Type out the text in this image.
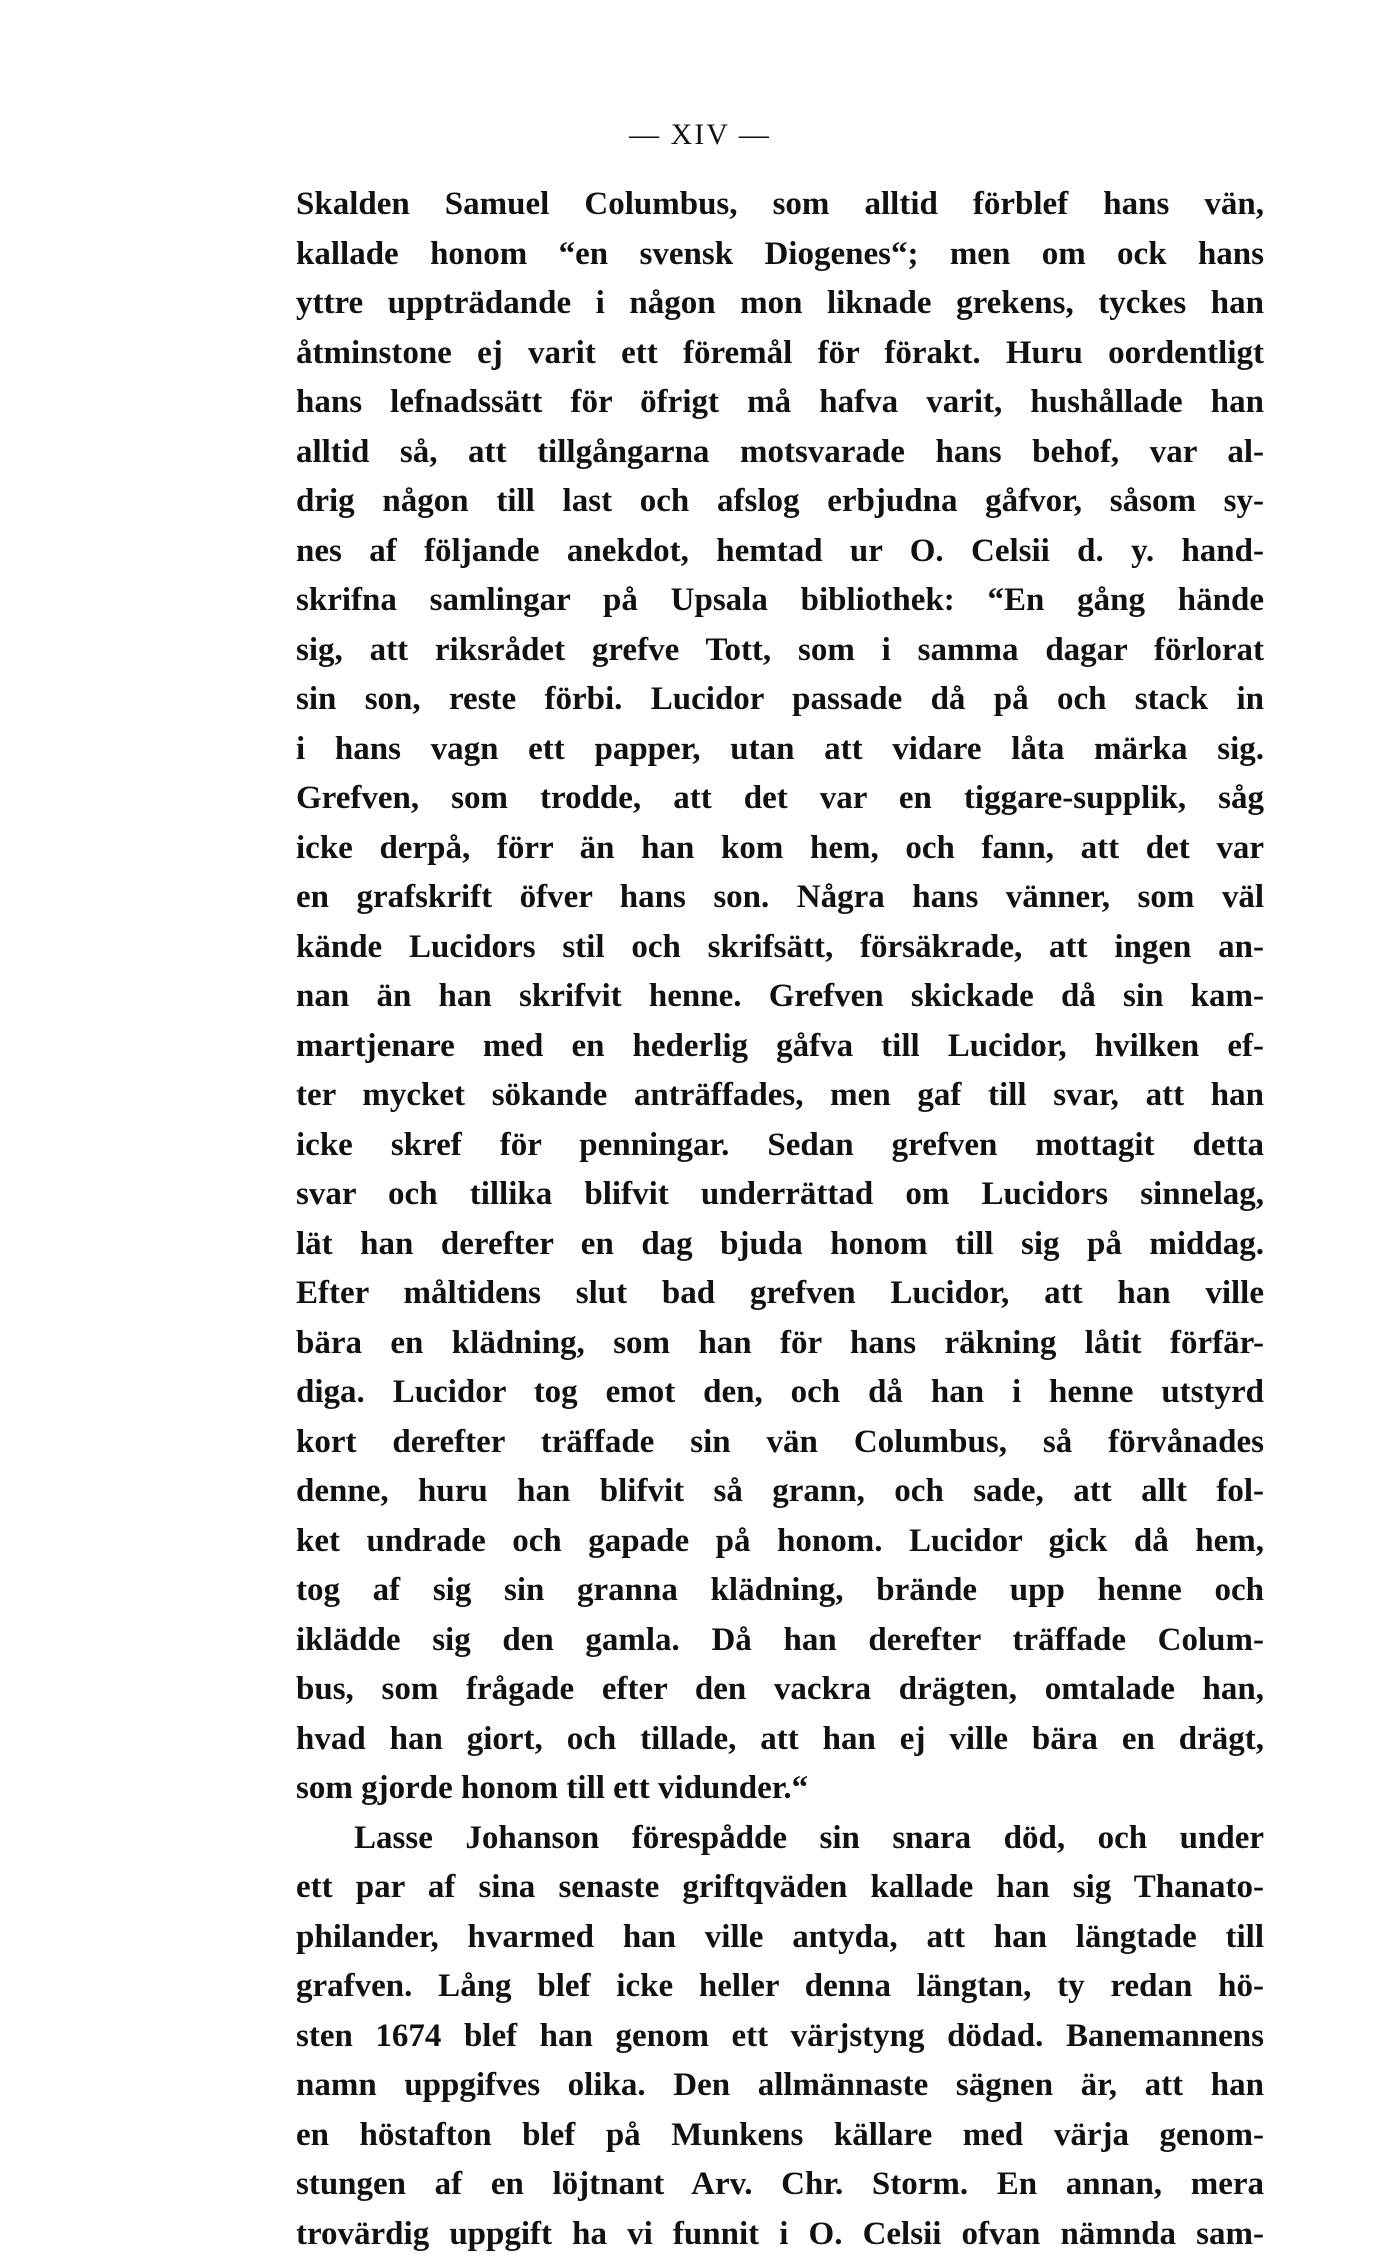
— XIV —
Skalden Samuel Columbus, som alltid förblef hans vän,
kallade honom “en svensk Diogenes“; men om ock hans
yttre uppträdande i någon mon liknade grekens, tyckes han
åtminstone ej varit ett föremål för förakt. Huru oordentligt
hans lefnadssätt för öfrigt må hafva varit, hushållade han
alltid så, att tillgångarna motsvarade hans behof, var al-
drig någon till last och afslog erbjudna gåfvor, såsom sy-
nes af följande anekdot, hemtad ur O. Celsii d. y. hand-
skrifna samlingar på Upsala bibliothek: “En gång hände
sig, att riksrådet grefve Tott, som i samma dagar förlorat
sin son, reste förbi. Lucidor passade då på och stack in
i hans vagn ett papper, utan att vidare låta märka sig.
Grefven, som trodde, att det var en tiggare-supplik, såg
icke derpå, förr än han kom hem, och fann, att det var
en grafskrift öfver hans son. Några hans vänner, som väl
kände Lucidors stil och skrifsätt, försäkrade, att ingen an-
nan än han skrifvit henne. Grefven skickade då sin kam-
martjenare med en hederlig gåfva till Lucidor, hvilken ef-
ter mycket sökande anträffades, men gaf till svar, att han
icke skref för penningar. Sedan grefven mottagit detta
svar och tillika blifvit underrättad om Lucidors sinnelag,
lät han derefter en dag bjuda honom till sig på middag.
Efter måltidens slut bad grefven Lucidor, att han ville
bära en klädning, som han för hans räkning låtit förfär-
diga. Lucidor tog emot den, och då han i henne utstyrd
kort derefter träffade sin vän Columbus, så förvånades
denne, huru han blifvit så grann, och sade, att allt fol-
ket undrade och gapade på honom. Lucidor gick då hem,
tog af sig sin granna klädning, brände upp henne och
iklädde sig den gamla. Då han derefter träffade Colum-
bus, som frågade efter den vackra drägten, omtalade han,
hvad han giort, och tillade, att han ej ville bära en drägt,
som gjorde honom till ett vidunder.“
Lasse Johanson förespådde sin snara död, och under
ett par af sina senaste griftqväden kallade han sig Thanato-
philander, hvarmed han ville antyda, att han längtade till
grafven. Lång blef icke heller denna längtan, ty redan hö-
sten 1674 blef han genom ett värjstyng dödad. Banemannens
namn uppgifves olika. Den allmännaste sägnen är, att han
en höstafton blef på Munkens källare med värja genom-
stungen af en löjtnant Arv. Chr. Storm. En annan, mera
trovärdig uppgift ha vi funnit i O. Celsii ofvan nämnda sam-
